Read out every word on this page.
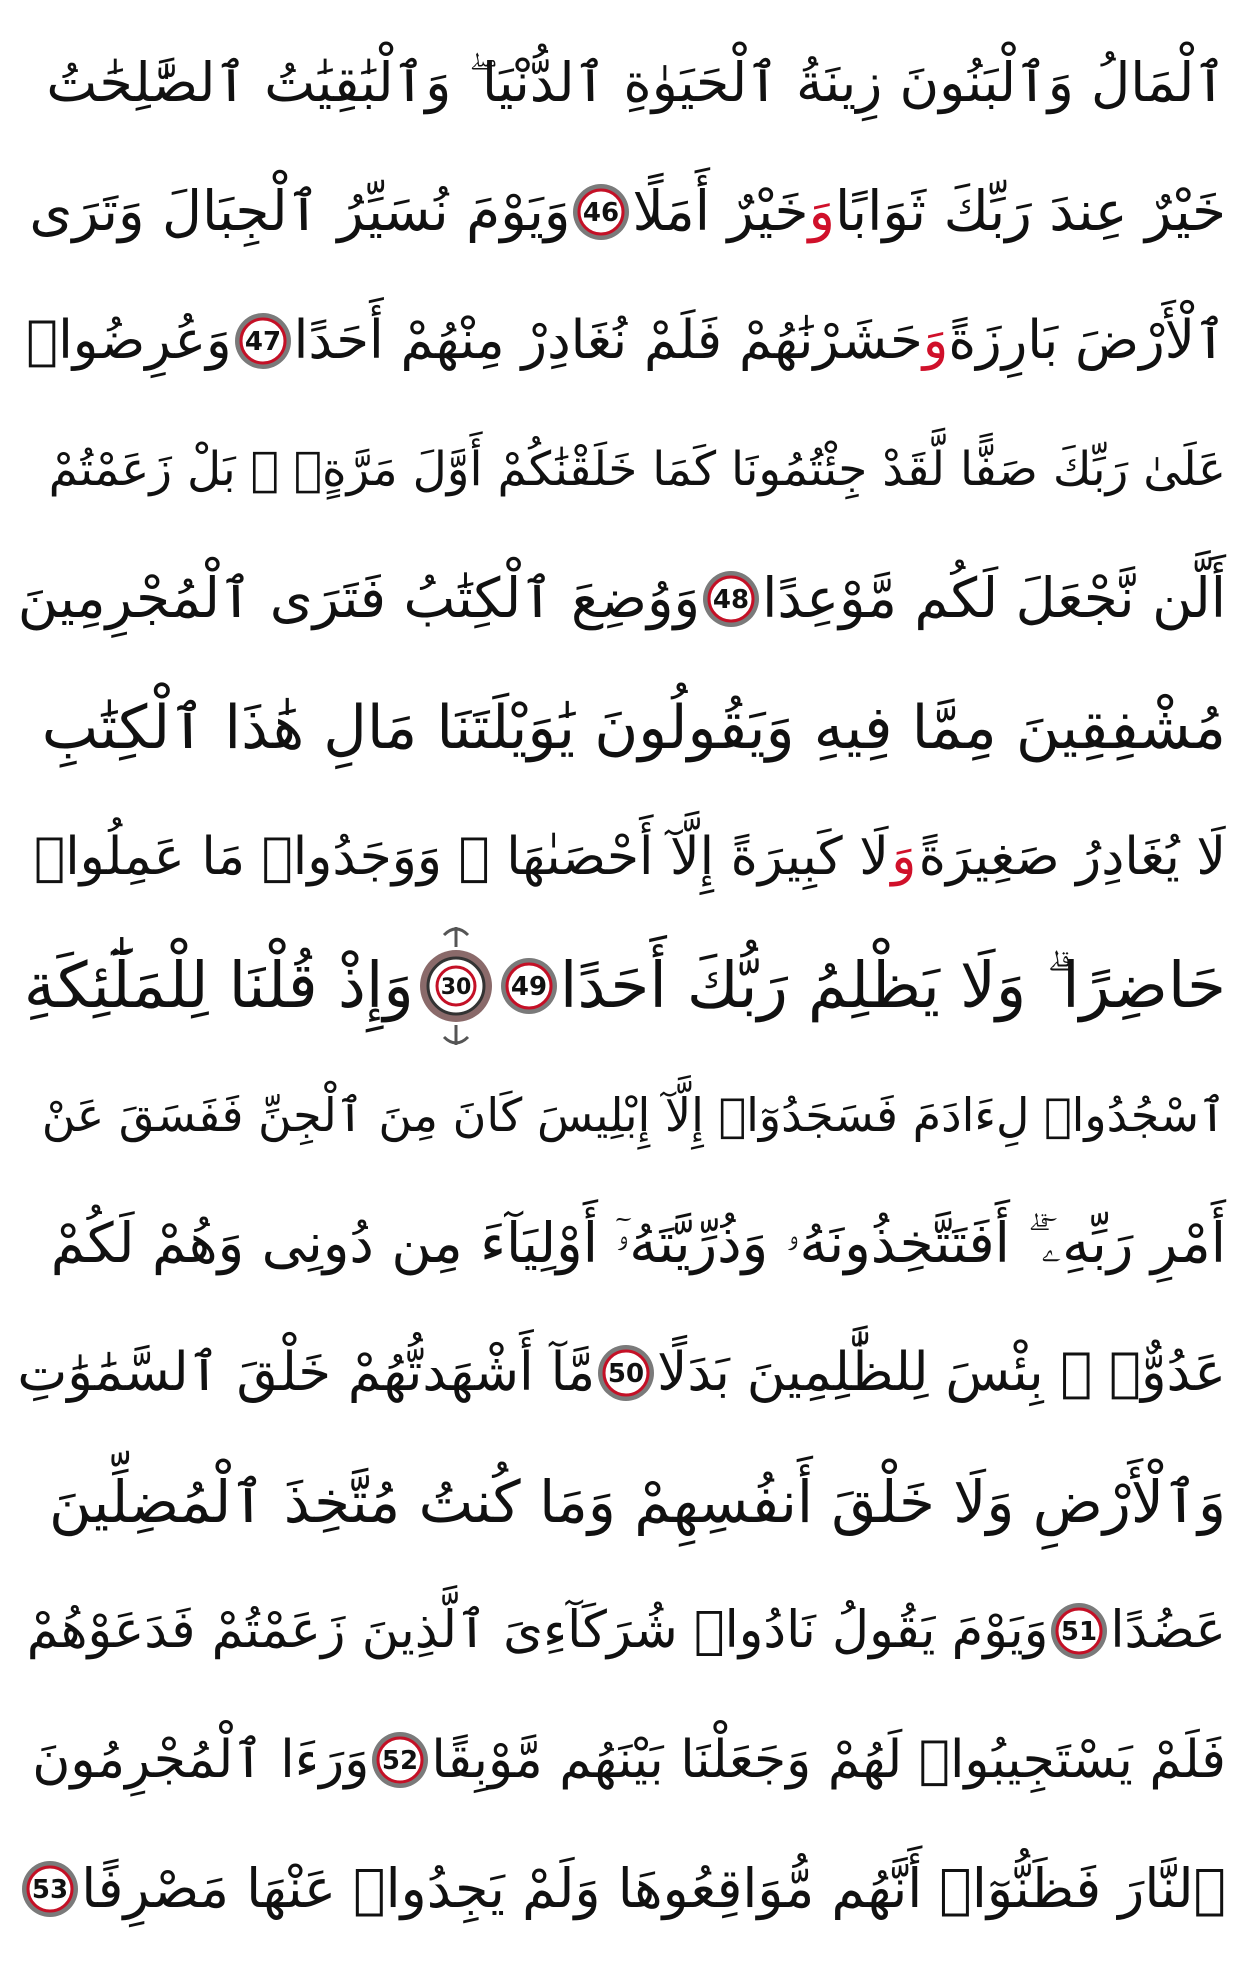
ٱلْمَالُ وَٱلْبَنُونَ زِينَةُ ٱلْحَيَوٰةِ ٱلدُّنْيَا ۖ وَٱلْبَٰقِيَٰتُ ٱلصَّٰلِحَٰتُ
خَيْرٌ عِندَ رَبِّكَ ثَوَابًا
وَ
خَيْرٌ أَمَلًا
46
وَيَوْمَ نُسَيِّرُ ٱلْجِبَالَ وَتَرَى
ٱلْأَرْضَ بَارِزَةً
وَ
حَشَرْنَٰهُمْ فَلَمْ نُغَادِرْ مِنْهُمْ أَحَدًا
47
وَعُرِضُوا۟
عَلَىٰ رَبِّكَ صَفًّا لَّقَدْ جِئْتُمُونَا كَمَا خَلَقْنَٰكُمْ أَوَّلَ مَرَّةٍۭ ۚ بَلْ زَعَمْتُمْ
أَلَّن نَّجْعَلَ لَكُم مَّوْعِدًا
48
وَوُضِعَ ٱلْكِتَٰبُ فَتَرَى ٱلْمُجْرِمِينَ
مُشْفِقِينَ مِمَّا فِيهِ وَيَقُولُونَ يَٰوَيْلَتَنَا مَالِ هَٰذَا ٱلْكِتَٰبِ
لَا يُغَادِرُ صَغِيرَةً
وَ
لَا كَبِيرَةً إِلَّآ أَحْصَىٰهَا ۚ وَوَجَدُوا۟ مَا عَمِلُوا۟
حَاضِرًا ۗ وَلَا يَظْلِمُ رَبُّكَ أَحَدًا
49
30
وَإِذْ قُلْنَا لِلْمَلَٰٓئِكَةِ
ٱسْجُدُوا۟ لِءَادَمَ فَسَجَدُوٓا۟ إِلَّآ إِبْلِيسَ كَانَ مِنَ ٱلْجِنِّ فَفَسَقَ عَنْ
أَمْرِ رَبِّهِۦٓ ۗ أَفَتَتَّخِذُونَهُۥ وَذُرِّيَّتَهُۥٓ أَوْلِيَآءَ مِن دُونِى وَهُمْ لَكُمْ
عَدُوٌّۢ ۚ بِئْسَ لِلظَّٰلِمِينَ بَدَلًا
50
مَّآ أَشْهَدتُّهُمْ خَلْقَ ٱلسَّمَٰوَٰتِ
وَٱلْأَرْضِ وَلَا خَلْقَ أَنفُسِهِمْ وَمَا كُنتُ مُتَّخِذَ ٱلْمُضِلِّينَ
عَضُدًا
51
وَيَوْمَ يَقُولُ نَادُوا۟ شُرَكَآءِىَ ٱلَّذِينَ زَعَمْتُمْ فَدَعَوْهُمْ
فَلَمْ يَسْتَجِيبُوا۟ لَهُمْ وَجَعَلْنَا بَيْنَهُم مَّوْبِقًا
52
وَرَءَا ٱلْمُجْرِمُونَ
ٱلنَّارَ فَظَنُّوٓا۟ أَنَّهُم مُّوَاقِعُوهَا وَلَمْ يَجِدُوا۟ عَنْهَا مَصْرِفًا
53
